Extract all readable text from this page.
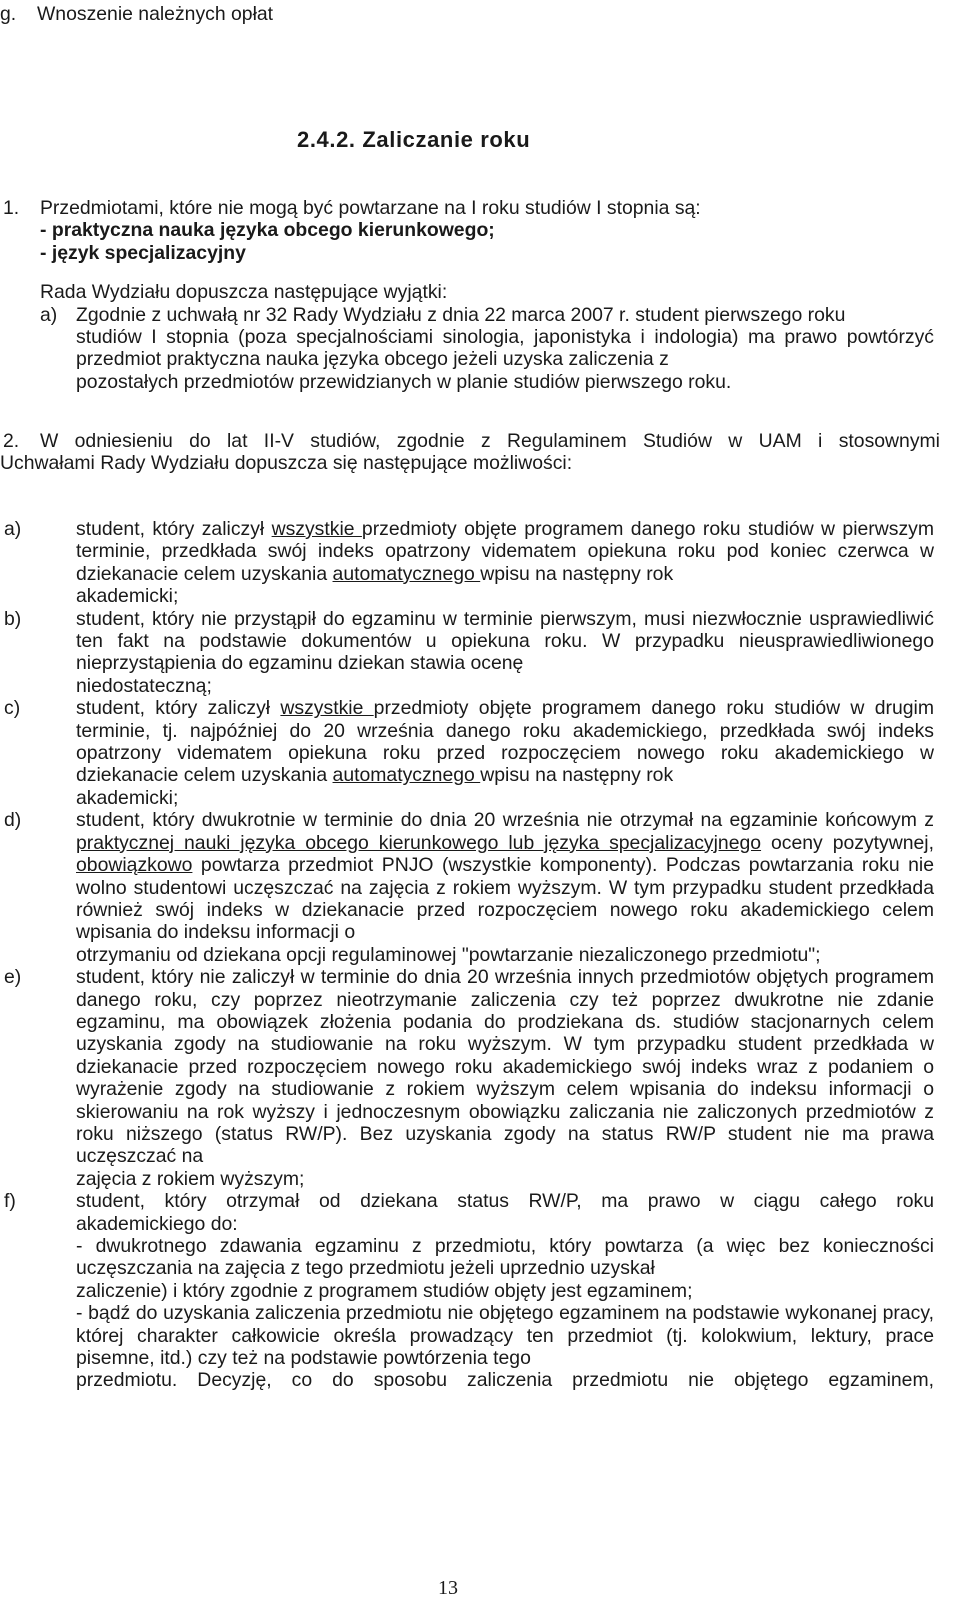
g. Wnoszenie należnych opłat
2.4.2. Zaliczanie roku
1. Przedmiotami, które nie mogą być powtarzane na I roku studiów I stopnia są:
- praktyczna nauka języka obcego kierunkowego;
- język specjalizacyjny
Rada Wydziału dopuszcza następujące wyjątki:
a) Zgodnie z uchwałą nr 32 Rady Wydziału z dnia 22 marca 2007 r. student pierwszego roku
studiów I stopnia (poza specjalnościami sinologia, japonistyka i indologia) ma prawo powtórzyć przedmiot praktyczna nauka języka obcego jeżeli uzyska zaliczenia z
pozostałych przedmiotów przewidzianych w planie studiów pierwszego roku.
2. W odniesieniu do lat II-V studiów, zgodnie z Regulaminem Studiów w UAM i stosownymi
Uchwałami Rady Wydziału dopuszcza się następujące możliwości:
a)	student, który zaliczył wszystkie przedmioty objęte programem danego roku studiów w pierwszym terminie, przedkłada swój indeks opatrzony vidematem opiekuna roku pod koniec czerwca w dziekanacie celem uzyskania automatycznego wpisu na następny rok
akademicki;
b)	student, który nie przystąpił do egzaminu w terminie pierwszym, musi niezwłocznie usprawiedliwić ten fakt na podstawie dokumentów u opiekuna roku. W przypadku nieusprawiedliwionego nieprzystąpienia do egzaminu dziekan stawia ocenę
niedostateczną;
c)	student, który zaliczył wszystkie przedmioty objęte programem danego roku studiów w drugim terminie, tj. najpóźniej do 20 września danego roku akademickiego, przedkłada swój indeks opatrzony vidematem opiekuna roku przed rozpoczęciem nowego roku akademickiego w dziekanacie celem uzyskania automatycznego wpisu na następny rok
akademicki;
d)	student, który dwukrotnie w terminie do dnia 20 września nie otrzymał na egzaminie końcowym z praktycznej nauki języka obcego kierunkowego lub języka specjalizacyjnego oceny pozytywnej, obowiązkowo powtarza przedmiot PNJO (wszystkie komponenty). Podczas powtarzania roku nie wolno studentowi uczęszczać na zajęcia z rokiem wyższym. W tym przypadku student przedkłada również swój indeks w dziekanacie przed rozpoczęciem nowego roku akademickiego celem wpisania do indeksu informacji o
otrzymaniu od dziekana opcji regulaminowej "powtarzanie niezaliczonego przedmiotu";
e)	student, który nie zaliczył w terminie do dnia 20 września innych przedmiotów objętych programem danego roku, czy poprzez nieotrzymanie zaliczenia czy też poprzez dwukrotne nie zdanie egzaminu, ma obowiązek złożenia podania do prodziekana ds. studiów stacjonarnych celem uzyskania zgody na studiowanie na roku wyższym. W tym przypadku student przedkłada w dziekanacie przed rozpoczęciem nowego roku akademickiego swój indeks wraz z podaniem o wyrażenie zgody na studiowanie z rokiem wyższym celem wpisania do indeksu informacji o skierowaniu na rok wyższy i jednoczesnym obowiązku zaliczania nie zaliczonych przedmiotów z roku niższego (status RW/P). Bez uzyskania zgody na status RW/P student nie ma prawa uczęszczać na
zajęcia z rokiem wyższym;
f)	student, który otrzymał od dziekana status RW/P, ma prawo w ciągu całego roku
akademickiego do:
- dwukrotnego zdawania egzaminu z przedmiotu, który powtarza (a więc bez konieczności uczęszczania na zajęcia z tego przedmiotu jeżeli uprzednio uzyskał
zaliczenie) i który zgodnie z programem studiów objęty jest egzaminem;
- bądź do uzyskania zaliczenia przedmiotu nie objętego egzaminem na podstawie wykonanej pracy, której charakter całkowicie określa prowadzący ten przedmiot (tj. kolokwium, lektury, prace pisemne, itd.) czy też na podstawie powtórzenia tego
przedmiotu. Decyzję, co do sposobu zaliczenia przedmiotu nie objętego egzaminem,
13
